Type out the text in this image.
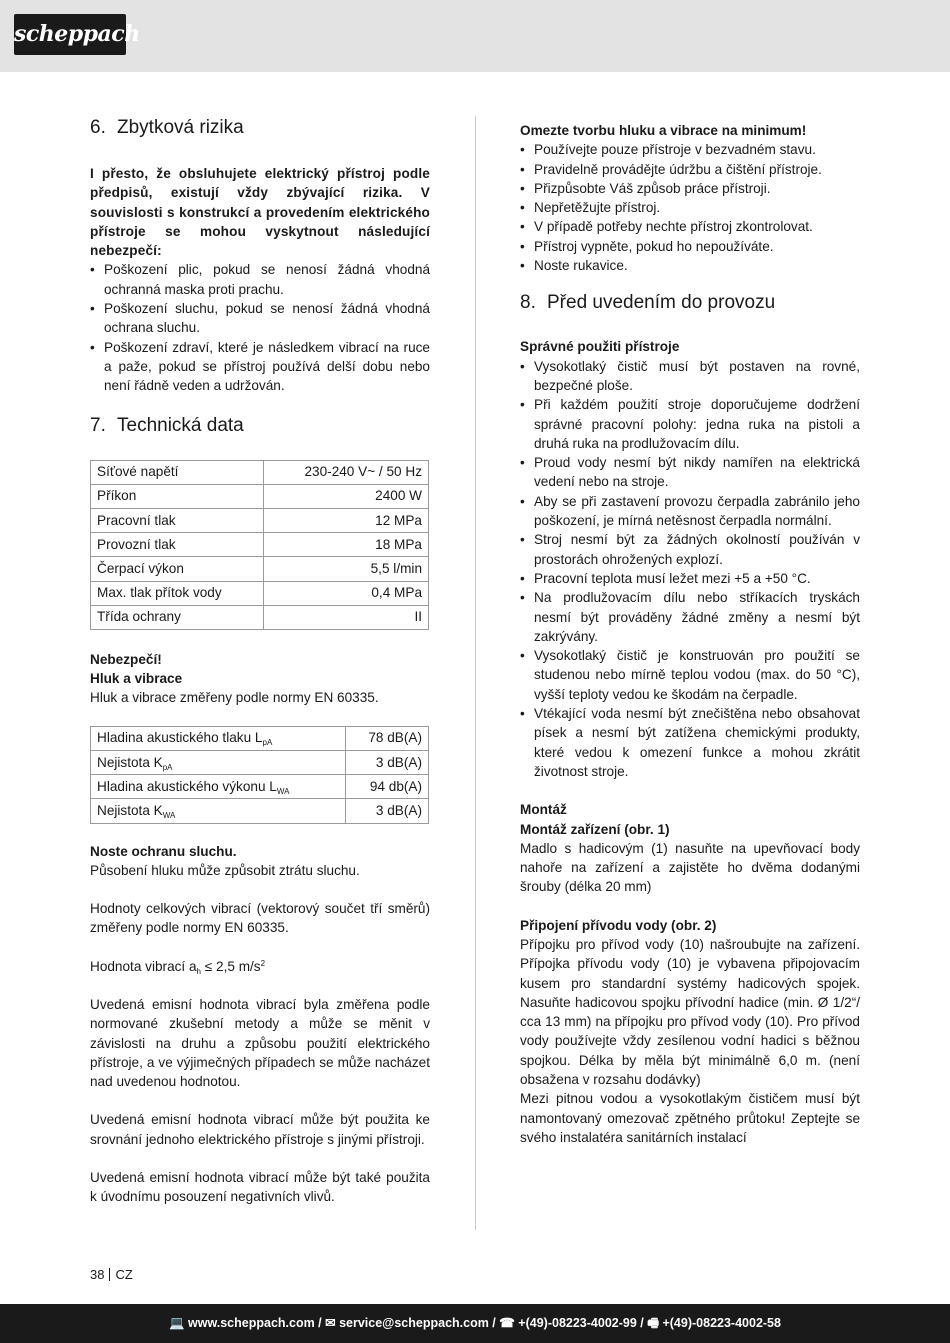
scheppach
6. Zbytková rizika

I přesto, že obsluhujete elektrický přístroj podle předpisů, existují vždy zbývající rizika. V souvislosti s konstrukcí a provedením elektrického přístroje se mohou vyskytnout následující nebezpečí:

• Poškození plic, pokud se nenosí žádná vhodná ochranná maska proti prachu.
• Poškození sluchu, pokud se nenosí žádná vhodná ochrana sluchu.
• Poškození zdraví, které je následkem vibrací na ruce a paže, pokud se přístroj používá delší dobu nebo není řádně veden a udržován.
7. Technická data
Síťové napětí	230-240 V~ / 50 Hz
Příkon	2400 W
Pracovní tlak	12 MPa
Provozní tlak	18 MPa
Čerpací výkon	5,5 l/min
Max. tlak přítok vody	0,4 MPa
Třída ochrany	II

Nebezpečí!

Hluk a vibrace

Hluk a vibrace změřeny podle normy EN 60335.

Hladina akustického tlaku $L_{pA}$	78 dB(A)
Nejistota $K_{pA}$	3 dB(A)
Hladina akustického výkonu $L_{WA}$	94 db(A)
Nejistota $K_{WA}$	3 dB(A)

Noste ochranu sluchu.

Působení hluku může způsobit ztrátu sluchu.

Hodnoty celkových vibrací (vektorový součet tří směrů) změřeny podle normy EN 60335.

Hodnota vibrací $a_h \le 2,5$ $m/s^2$

Uvedená emisní hodnota vibrací byla změřena podle normované zkušební metody a může se měnit v závislosti na druhu a způsobu použití elektrického přístroje, a ve výjimečných případech se může nacházet nad uvedenou hodnotou.

Uvedená emisní hodnota vibrací může být použita ke srovnání jednoho elektrického přístroje s jinými přístroji.

Uvedená emisní hodnota vibrací může být také použita k úvodnímu posouzení negativních vlivů.

Omezte tvorbu hluku a vibrace na minimum!

• Používejte pouze přístroje v bezvadném stavu.
• Pravidelně provádějte údržbu a čištění přístroje.
• Přizpůsobte Váš způsob práce přístroji.
• Nepřetěžujte přístroj.
• V případě potřeby nechte přístroj zkontrolovat.
• Přístroj vypněte, pokud ho nepoužíváte.
• Noste rukavice.
8. Před uvedením do provozu

Správné použiti přístroje

• Vysokotlaký čistič musí být postaven na rovné, bezpečné ploše.
• Při každém použití stroje doporučujeme dodržení správné pracovní polohy: jedna ruka na pistoli a druhá ruka na prodlužovacím dílu.
• Proud vody nesmí být nikdy namířen na elektrická vedení nebo na stroje.
• Aby se při zastavení provozu čerpadla zabránilo jeho poškození, je mírná netěsnost čerpadla normální.
• Stroj nesmí být za žádných okolností používán v prostorách ohrožených explozí.
• Pracovní teplota musí ležet mezi +5 a +50 °C.
• Na prodlužovacím dílu nebo stříkacích tryskách nesmí být prováděny žádné změny a nesmí být zakrývány.
• Vysokotlaký čistič je konstruován pro použití se studenou nebo mírně teplou vodou (max. do 50 °C), vyšší teploty vedou ke škodám na čerpadle.
• Vtékající voda nesmí být znečištěna nebo obsahovat písek a nesmí být zatížena chemickými produkty, které vedou k omezení funkce a mohou zkrátit životnost stroje.

Montáž

Montáž zařízení (obr. 1)

Madlo s hadicovým (1) nasuňte na upevňovací body nahoře na zařízení a zajistěte ho dvěma dodanými šrouby (délka 20 mm)

Připojení přívodu vody (obr. 2)

Přípojku pro přívod vody (10) našroubujte na zařízení. Přípojka přívodu vody (10) je vybavena připojovacím kusem pro standardní systémy hadicových spojek. Nasuňte hadicovou spojku přívodní hadice (min. Ø 1/2“/ cca 13 mm) na přípojku pro přívod vody (10). Pro přívod vody používejte vždy zesílenou vodní hadici s běžnou spojkou. Délka by měla být minimálně 6,0 m. (není obsažena v rozsahu dodávky)

Mezi pitnou vodou a vysokotlakým čističem musí být namontovaný omezovač zpětného průtoku! Zeptejte se svého instalatéra sanitárních instalací

38 CZ
💻 www.scheppach.com / ✉ service@scheppach.com / ☎ +(49)-08223-4002-99 / 🖷 +(49)-08223-4002-58
